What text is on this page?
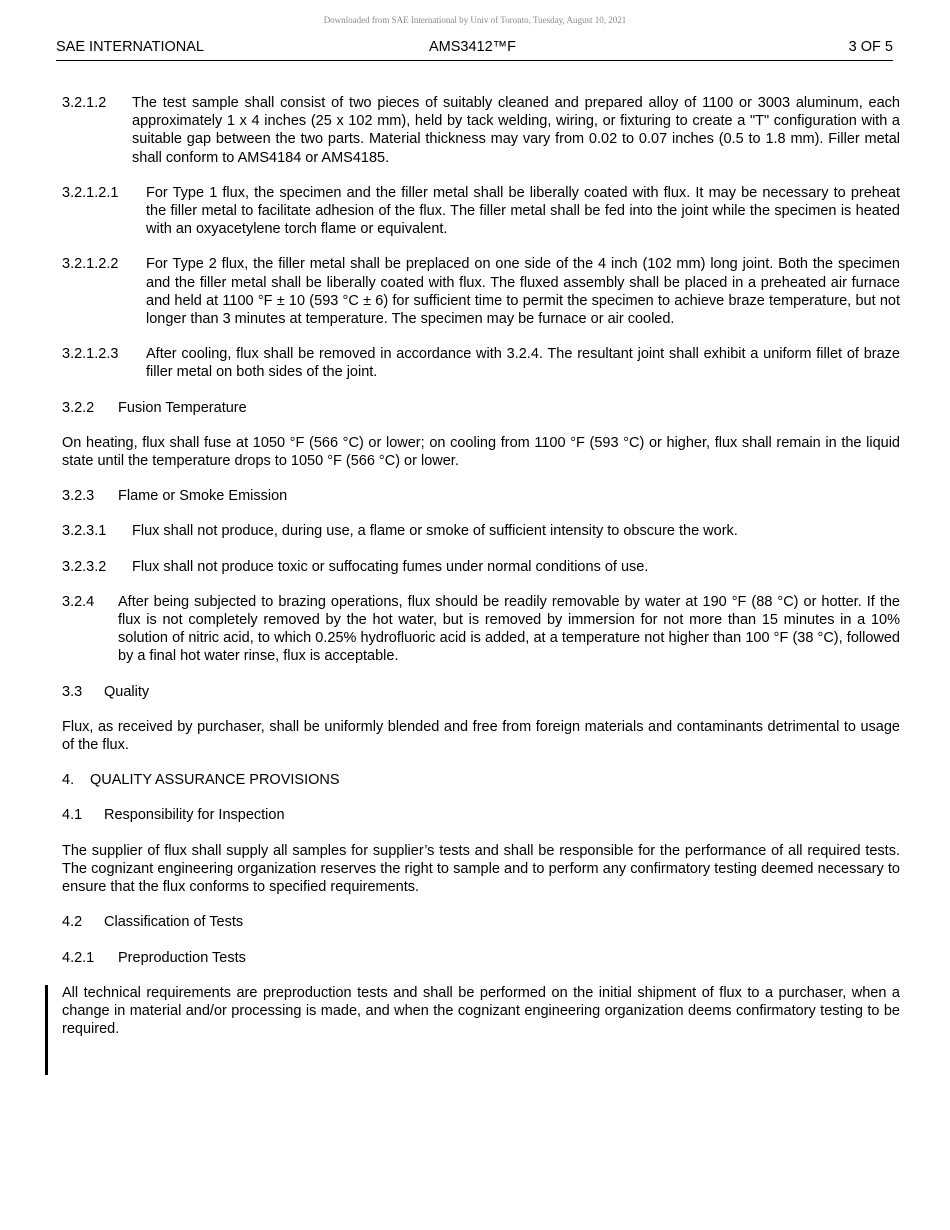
Downloaded from SAE International by Univ of Toronto, Tuesday, August 10, 2021
SAE INTERNATIONAL	AMS3412™F	3 OF 5
3.2.1.2 The test sample shall consist of two pieces of suitably cleaned and prepared alloy of 1100 or 3003 aluminum, each approximately 1 x 4 inches (25 x 102 mm), held by tack welding, wiring, or fixturing to create a "T" configuration with a suitable gap between the two parts. Material thickness may vary from 0.02 to 0.07 inches (0.5 to 1.8 mm). Filler metal shall conform to AMS4184 or AMS4185.
3.2.1.2.1 For Type 1 flux, the specimen and the filler metal shall be liberally coated with flux. It may be necessary to preheat the filler metal to facilitate adhesion of the flux. The filler metal shall be fed into the joint while the specimen is heated with an oxyacetylene torch flame or equivalent.
3.2.1.2.2 For Type 2 flux, the filler metal shall be preplaced on one side of the 4 inch (102 mm) long joint. Both the specimen and the filler metal shall be liberally coated with flux. The fluxed assembly shall be placed in a preheated air furnace and held at 1100 °F ± 10 (593 °C ± 6) for sufficient time to permit the specimen to achieve braze temperature, but not longer than 3 minutes at temperature. The specimen may be furnace or air cooled.
3.2.1.2.3 After cooling, flux shall be removed in accordance with 3.2.4. The resultant joint shall exhibit a uniform fillet of braze filler metal on both sides of the joint.
3.2.2 Fusion Temperature
On heating, flux shall fuse at 1050 °F (566 °C) or lower; on cooling from 1100 °F (593 °C) or higher, flux shall remain in the liquid state until the temperature drops to 1050 °F (566 °C) or lower.
3.2.3 Flame or Smoke Emission
3.2.3.1 Flux shall not produce, during use, a flame or smoke of sufficient intensity to obscure the work.
3.2.3.2 Flux shall not produce toxic or suffocating fumes under normal conditions of use.
3.2.4 After being subjected to brazing operations, flux should be readily removable by water at 190 °F (88 °C) or hotter. If the flux is not completely removed by the hot water, but is removed by immersion for not more than 15 minutes in a 10% solution of nitric acid, to which 0.25% hydrofluoric acid is added, at a temperature not higher than 100 °F (38 °C), followed by a final hot water rinse, flux is acceptable.
3.3 Quality
Flux, as received by purchaser, shall be uniformly blended and free from foreign materials and contaminants detrimental to usage of the flux.
4. QUALITY ASSURANCE PROVISIONS
4.1 Responsibility for Inspection
The supplier of flux shall supply all samples for supplier’s tests and shall be responsible for the performance of all required tests. The cognizant engineering organization reserves the right to sample and to perform any confirmatory testing deemed necessary to ensure that the flux conforms to specified requirements.
4.2 Classification of Tests
4.2.1 Preproduction Tests
All technical requirements are preproduction tests and shall be performed on the initial shipment of flux to a purchaser, when a change in material and/or processing is made, and when the cognizant engineering organization deems confirmatory testing to be required.
